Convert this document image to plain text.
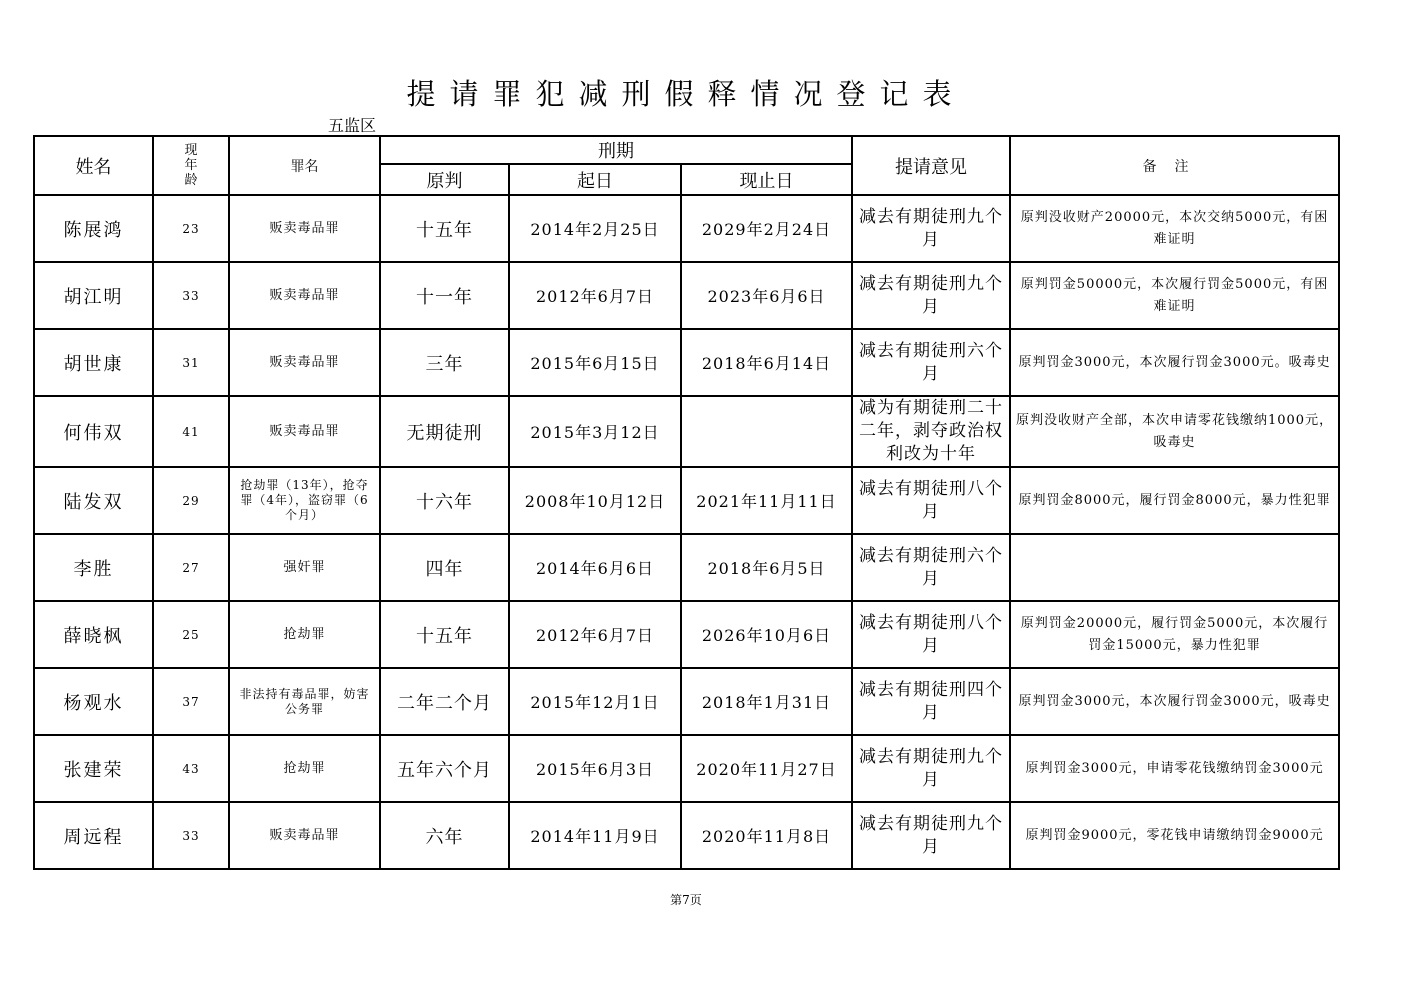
提请罪犯减刑假释情况登记表
五监区
姓名	现年龄	罪名	刑期			提请意见	备注
			原判	起日	现止日		
陈展鸿	23	贩卖毒品罪	十五年	2014年2月25日	2029年2月24日	减去有期徒刑九个月	原判没收财产20000元，本次交纳5000元，有困难证明
胡江明	33	贩卖毒品罪	十一年	2012年6月7日	2023年6月6日	减去有期徒刑九个月	原判罚金50000元，本次履行罚金5000元，有困难证明
胡世康	31	贩卖毒品罪	三年	2015年6月15日	2018年6月14日	减去有期徒刑六个月	原判罚金3000元，本次履行罚金3000元。吸毒史
何伟双	41	贩卖毒品罪	无期徒刑	2015年3月12日		减为有期徒刑二十二年，剥夺政治权利改为十年	原判没收财产全部，本次申请零花钱缴纳1000元，吸毒史
陆发双	29	抢劫罪（13年），抢夺罪（4年），盗窃罪（6个月）	十六年	2008年10月12日	2021年11月11日	减去有期徒刑八个月	原判罚金8000元，履行罚金8000元，暴力性犯罪
李胜	27	强奸罪	四年	2014年6月6日	2018年6月5日	减去有期徒刑六个月	
薛晓枫	25	抢劫罪	十五年	2012年6月7日	2026年10月6日	减去有期徒刑八个月	原判罚金20000元，履行罚金5000元，本次履行罚金15000元，暴力性犯罪
杨观水	37	非法持有毒品罪，妨害公务罪	二年二个月	2015年12月1日	2018年1月31日	减去有期徒刑四个月	原判罚金3000元，本次履行罚金3000元，吸毒史
张建荣	43	抢劫罪	五年六个月	2015年6月3日	2020年11月27日	减去有期徒刑九个月	原判罚金3000元，申请零花钱缴纳罚金3000元
周远程	33	贩卖毒品罪	六年	2014年11月9日	2020年11月8日	减去有期徒刑九个月	原判罚金9000元，零花钱申请缴纳罚金9000元
第7页
